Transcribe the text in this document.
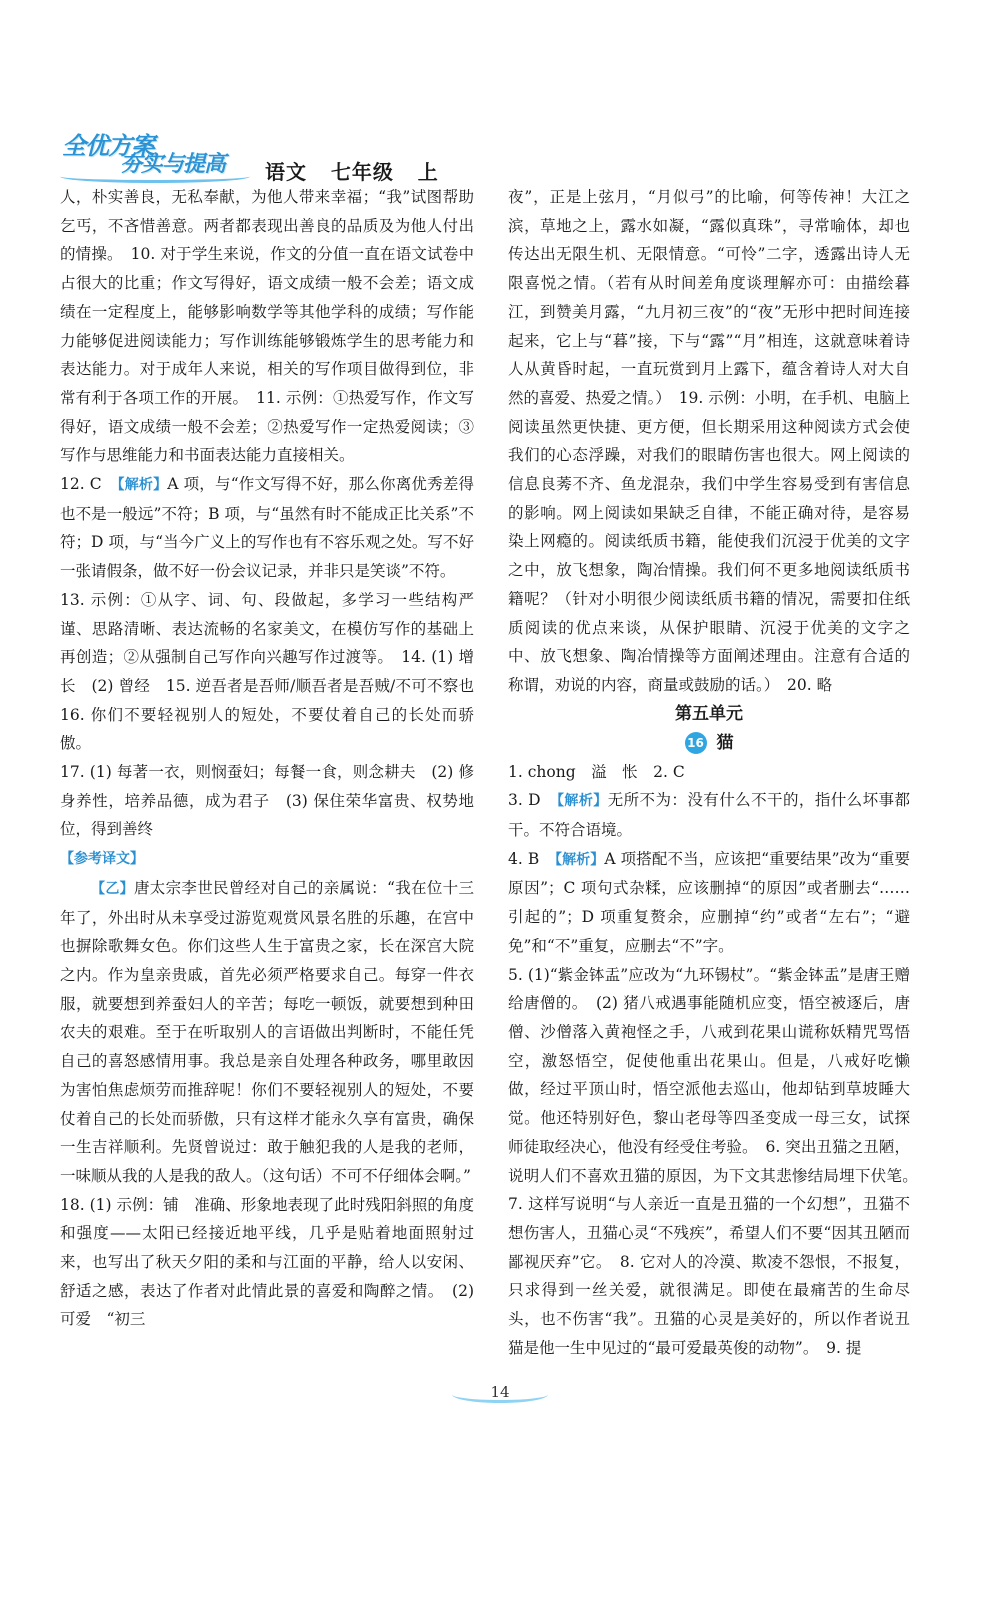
全优方案
夯实与提高 语文   七年级   上

人，朴实善良，无私奉献，为他人带来幸福；“我”试图帮助乞丐，不吝惜善意。两者都表现出善良的品质及为他人付出的情操。　10. 对于学生来说，作文的分值一直在语文试卷中占很大的比重；作文写得好，语文成绩一般不会差；语文成绩在一定程度上，能够影响数学等其他学科的成绩；写作能力能够促进阅读能力；写作训练能够锻炼学生的思考能力和表达能力。对于成年人来说，相关的写作项目做得到位，非常有利于各项工作的开展。　11. 示例：①热爱写作，作文写得好，语文成绩一般不会差；②热爱写作一定热爱阅读；③写作与思维能力和书面表达能力直接相关。

12. C　【解析】A 项，与“作文写得不好，那么你离优秀差得也不是一般远”不符；B 项，与“虽然有时不能成正比关系”不符；D 项，与“当今广义上的写作也有不容乐观之处。写不好一张请假条，做不好一份会议记录，并非只是笑谈”不符。

13. 示例：①从字、词、句、段做起，多学习一些结构严谨、思路清晰、表达流畅的名家美文，在模仿写作的基础上再创造；②从强制自己写作向兴趣写作过渡等。　14. (1) 增长　(2) 曾经　15. 逆吾者是吾师/顺吾者是吾贼/不可不察也　16. 你们不要轻视别人的短处，不要仗着自己的长处而骄傲。

17. (1) 每著一衣，则悯蚕妇；每餐一食，则念耕夫　(2) 修身养性，培养品德，成为君子　(3) 保住荣华富贵、权势地位，得到善终

【参考译文】

【乙】唐太宗李世民曾经对自己的亲属说：“我在位十三年了，外出时从未享受过游览观赏风景名胜的乐趣，在宫中也摒除歌舞女色。你们这些人生于富贵之家，长在深宫大院之内。作为皇亲贵戚，首先必须严格要求自己。每穿一件衣服，就要想到养蚕妇人的辛苦；每吃一顿饭，就要想到种田农夫的艰难。至于在听取别人的言语做出判断时，不能任凭自己的喜怒感情用事。我总是亲自处理各种政务，哪里敢因为害怕焦虑烦劳而推辞呢！你们不要轻视别人的短处，不要仗着自己的长处而骄傲，只有这样才能永久享有富贵，确保一生吉祥顺利。先贤曾说过：敢于触犯我的人是我的老师，一味顺从我的人是我的敌人。（这句话）不可不仔细体会啊。”

18. (1) 示例：铺　准确、形象地表现了此时残阳斜照的角度和强度——太阳已经接近地平线，几乎是贴着地面照射过来，也写出了秋天夕阳的柔和与江面的平静，给人以安闲、舒适之感，表达了作者对此情此景的喜爱和陶醉之情。　(2) 可爱　“初三

夜”，正是上弦月，“月似弓”的比喻，何等传神！大江之滨，草地之上，露水如凝，“露似真珠”，寻常喻体，却也传达出无限生机、无限情意。“可怜”二字，透露出诗人无限喜悦之情。（若有从时间差角度谈理解亦可：由描绘暮江，到赞美月露，“九月初三夜”的“夜”无形中把时间连接起来，它上与“暮”接，下与“露”“月”相连，这就意味着诗人从黄昏时起，一直玩赏到月上露下，蕴含着诗人对大自然的喜爱、热爱之情。）　19. 示例：小明，在手机、电脑上阅读虽然更快捷、更方便，但长期采用这种阅读方式会使我们的心态浮躁，对我们的眼睛伤害也很大。网上阅读的信息良莠不齐、鱼龙混杂，我们中学生容易受到有害信息的影响。网上阅读如果缺乏自律，不能正确对待，是容易染上网瘾的。阅读纸质书籍，能使我们沉浸于优美的文字之中，放飞想象，陶冶情操。我们何不更多地阅读纸质书籍呢？（针对小明很少阅读纸质书籍的情况，需要扣住纸质阅读的优点来谈，从保护眼睛、沉浸于优美的文字之中、放飞想象、陶冶情操等方面阐述理由。注意有合适的称谓，劝说的内容，商量或鼓励的话。）　20. 略

第五单元
16 猫

1. chong　溢　怅　2. C

3. D　【解析】无所不为：没有什么不干的，指什么坏事都干。不符合语境。

4. B　【解析】A 项搭配不当，应该把“重要结果”改为“重要原因”；C 项句式杂糅，应该删掉“的原因”或者删去“……引起的”；D 项重复赘余，应删掉“约”或者“左右”；“避免”和“不”重复，应删去“不”字。

5. (1)“紫金钵盂”应改为“九环锡杖”。“紫金钵盂”是唐王赠给唐僧的。　(2) 猪八戒遇事能随机应变，悟空被逐后，唐僧、沙僧落入黄袍怪之手，八戒到花果山谎称妖精咒骂悟空，激怒悟空，促使他重出花果山。但是，八戒好吃懒做，经过平顶山时，悟空派他去巡山，他却钻到草坡睡大觉。他还特别好色，黎山老母等四圣变成一母三女，试探师徒取经决心，他没有经受住考验。　6. 突出丑猫之丑陋，说明人们不喜欢丑猫的原因，为下文其悲惨结局埋下伏笔。　7. 这样写说明“与人亲近一直是丑猫的一个幻想”，丑猫不想伤害人，丑猫心灵“不残疾”，希望人们不要“因其丑陋而鄙视厌弃”它。　8. 它对人的冷漠、欺凌不怨恨，不报复，只求得到一丝关爱，就很满足。即使在最痛苦的生命尽头，也不伤害“我”。丑猫的心灵是美好的，所以作者说丑猫是他一生中见过的“最可爱最英俊的动物”。　9. 提

14
